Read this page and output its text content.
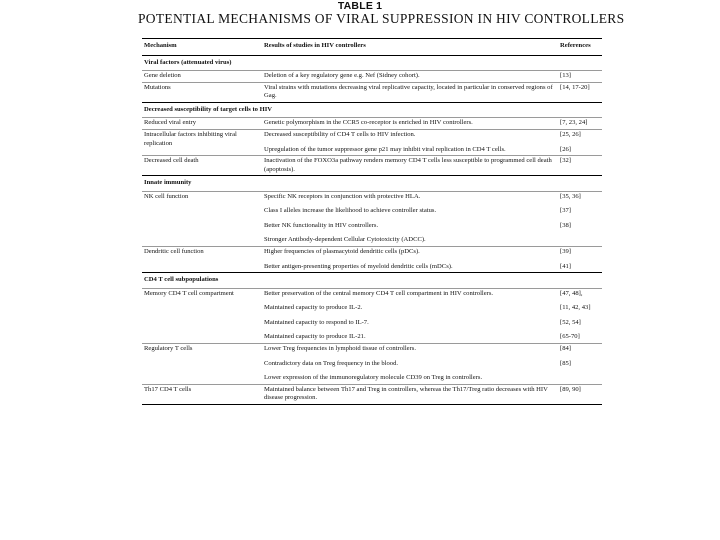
TABLE 1
POTENTIAL MECHANISMS OF VIRAL SUPPRESSION IN HIV CONTROLLERS
Mechanism	Results of studies in HIV controllers	References
Viral factors (attenuated virus)		
Gene deletion	Deletion of a key regulatory gene e.g. Nef (Sidney cohort).	[13]
Mutations	Viral strains with mutations decreasing viral replicative capacity, located in particular in conserved regions of Gag.	[14, 17-20]
Decreased susceptibility of target cells to HIV		
Reduced viral entry	Genetic polymorphism in the CCR5 co-receptor is enriched in HIV controllers.	[7, 23, 24]
Intracellular factors inhibiting viral replication	Decreased susceptibility of CD4 T cells to HIV infection.	[25, 26]
	Upregulation of the tumor suppressor gene p21 may inhibit viral replication in CD4 T cells.	[26]
Decreased cell death	Inactivation of the FOXO3a pathway renders memory CD4 T cells less susceptible to programmed cell death (apoptosis).	[32]
Innate immunity		
NK cell function	Specific NK receptors in conjunction with protective HLA.	[35, 36]
	Class I alleles increase the likelihood to achieve controller status.	[37]
	Better NK functionality in HIV controllers.	[38]
	Stronger Antibody-dependent Cellular Cytotoxicity (ADCC).	
Dendritic cell function	Higher frequencies of plasmacytoid dendritic cells (pDCs).	[39]
	Better antigen-presenting properties of myeloid dendritic cells (mDCs).	[41]
CD4 T cell subpopulations		
Memory CD4 T cell compartment	Better preservation of the central memory CD4 T cell compartment in HIV controllers.	[47, 48],
	Maintained capacity to produce IL-2.	[11, 42, 43]
	Maintained capacity to respond to IL-7.	[52, 54]
	Maintained capacity to produce IL-21.	[65-70]
Regulatory T cells	Lower Treg frequencies in lymphoid tissue of controllers.	[84]
	Contradictory data on Treg frequency in the blood.	[85]
	Lower expression of the immunoregulatory molecule CD39 on Treg in controllers.	
Th17 CD4 T cells	Maintained balance between Th17 and Treg in controllers, whereas the Th17/Treg ratio decreases with HIV disease progression.	[89, 90]
